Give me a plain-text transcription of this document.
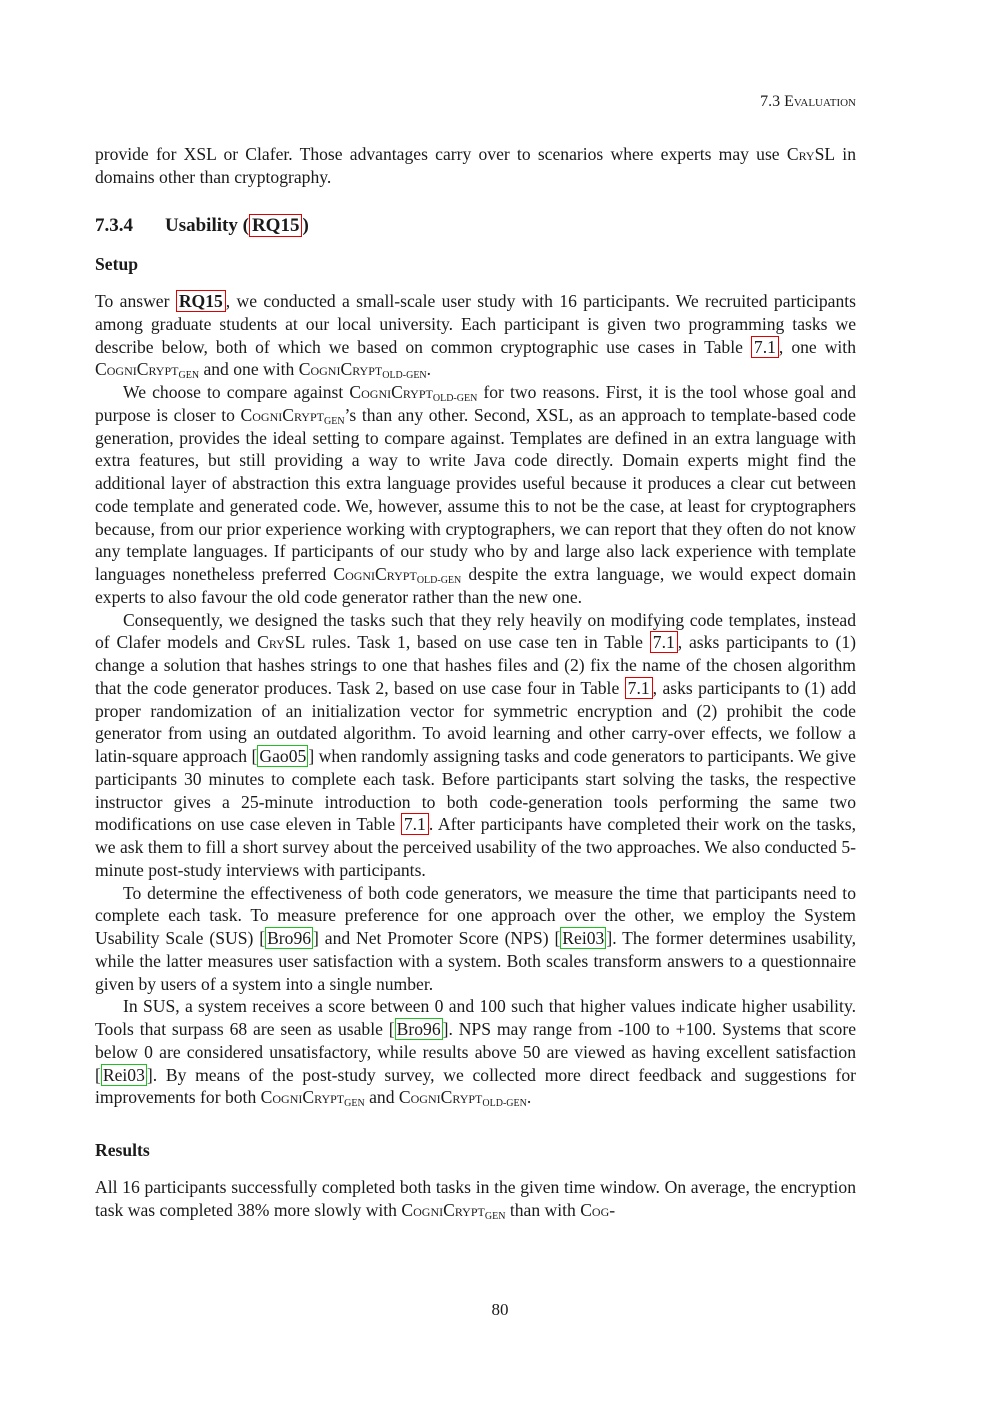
7.3 Evaluation

provide for XSL or Clafer. Those advantages carry over to scenarios where experts may use CrySL in domains other than cryptography.

7.3.4 Usability ( RQ15 )
Setup

To answer RQ15 , we conducted a small-scale user study with 16 participants. We recruited participants among graduate students at our local university. Each participant is given two programming tasks we describe below, both of which we based on common cryptographic use cases in Table 7.1 , one with CogniCrypt$_{GEN}$ and one with CogniCrypt$_{OLD-GEN}$.

We choose to compare against CogniCrypt$_{OLD-GEN}$ for two reasons. First, it is the tool whose goal and purpose is closer to CogniCrypt$_{GEN}$’s than any other. Second, XSL, as an approach to template-based code generation, provides the ideal setting to compare against. Templates are defined in an extra language with extra features, but still providing a way to write Java code directly. Domain experts might find the additional layer of abstraction this extra language provides useful because it produces a clear cut between code template and generated code. We, however, assume this to not be the case, at least for cryptographers because, from our prior experience working with cryptographers, we can report that they often do not know any template languages. If participants of our study who by and large also lack experience with template languages nonetheless preferred CogniCrypt$_{OLD-GEN}$ despite the extra language, we would expect domain experts to also favour the old code generator rather than the new one.

Consequently, we designed the tasks such that they rely heavily on modifying code templates, instead of Clafer models and CrySL rules. Task 1, based on use case ten in Table 7.1 , asks participants to (1) change a solution that hashes strings to one that hashes files and (2) fix the name of the chosen algorithm that the code generator produces. Task 2, based on use case four in Table 7.1 , asks participants to (1) add proper randomization of an initialization vector for symmetric encryption and (2) prohibit the code generator from using an outdated algorithm. To avoid learning and other carry-over effects, we follow a latin-square approach [ Gao05 ] when randomly assigning tasks and code generators to participants. We give participants 30 minutes to complete each task. Before participants start solving the tasks, the respective instructor gives a 25-minute introduction to both code-generation tools performing the same two modifications on use case eleven in Table 7.1 . After participants have completed their work on the tasks, we ask them to fill a short survey about the perceived usability of the two approaches. We also conducted 5-minute post-study interviews with participants.

To determine the effectiveness of both code generators, we measure the time that participants need to complete each task. To measure preference for one approach over the other, we employ the System Usability Scale (SUS) [ Bro96 ] and Net Promoter Score (NPS) [ Rei03 ]. The former determines usability, while the latter measures user satisfaction with a system. Both scales transform answers to a questionnaire given by users of a system into a single number.

In SUS, a system receives a score between 0 and 100 such that higher values indicate higher usability. Tools that surpass 68 are seen as usable [ Bro96 ]. NPS may range from -100 to +100. Systems that score below 0 are considered unsatisfactory, while results above 50 are viewed as having excellent satisfaction [ Rei03 ]. By means of the post-study survey, we collected more direct feedback and suggestions for improvements for both CogniCrypt$_{GEN}$ and CogniCrypt$_{OLD-GEN}$.

Results

All 16 participants successfully completed both tasks in the given time window. On average, the encryption task was completed 38% more slowly with CogniCrypt$_{GEN}$ than with Cog-

80
